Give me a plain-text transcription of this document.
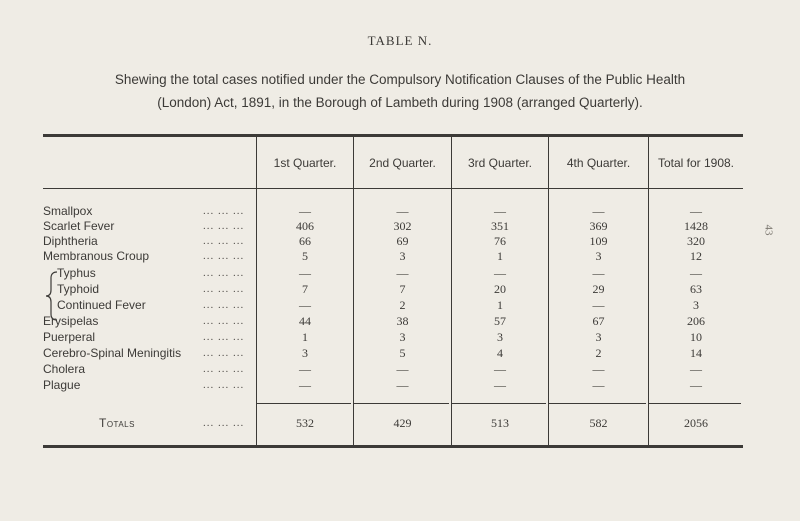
TABLE N.
Shewing the total cases notified under the Compulsory Notification Clauses of the Public Health
(London) Act, 1891, in the Borough of Lambeth during 1908 (arranged Quarterly).
1st Quarter.	2nd Quarter.	3rd Quarter.	4th Quarter.	Total for 1908.
Smallpox	... ... ...	—	—	—	—	—
Scarlet Fever	... ... ...	406	302	351	369	1428
Diphtheria	... ... ...	66	69	76	109	320
Membranous Croup	... ... ...	5	3	1	3	12
Typhus	... ... ...	—	—	—	—	—
Typhoid	... ... ...	7	7	20	29	63
Continued Fever	... ... ...	—	2	1	—	3
Erysipelas	... ... ...	44	38	57	67	206
Puerperal	... ... ...	1	3	3	3	10
Cerebro-Spinal Meningitis ... ... ...	3	5	4	2	14
Cholera	... ... ...	—	—	—	—	—
Plague	... ... ...	—	—	—	—	—
Totals	... ... ...	532	429	513	582	2056
43
